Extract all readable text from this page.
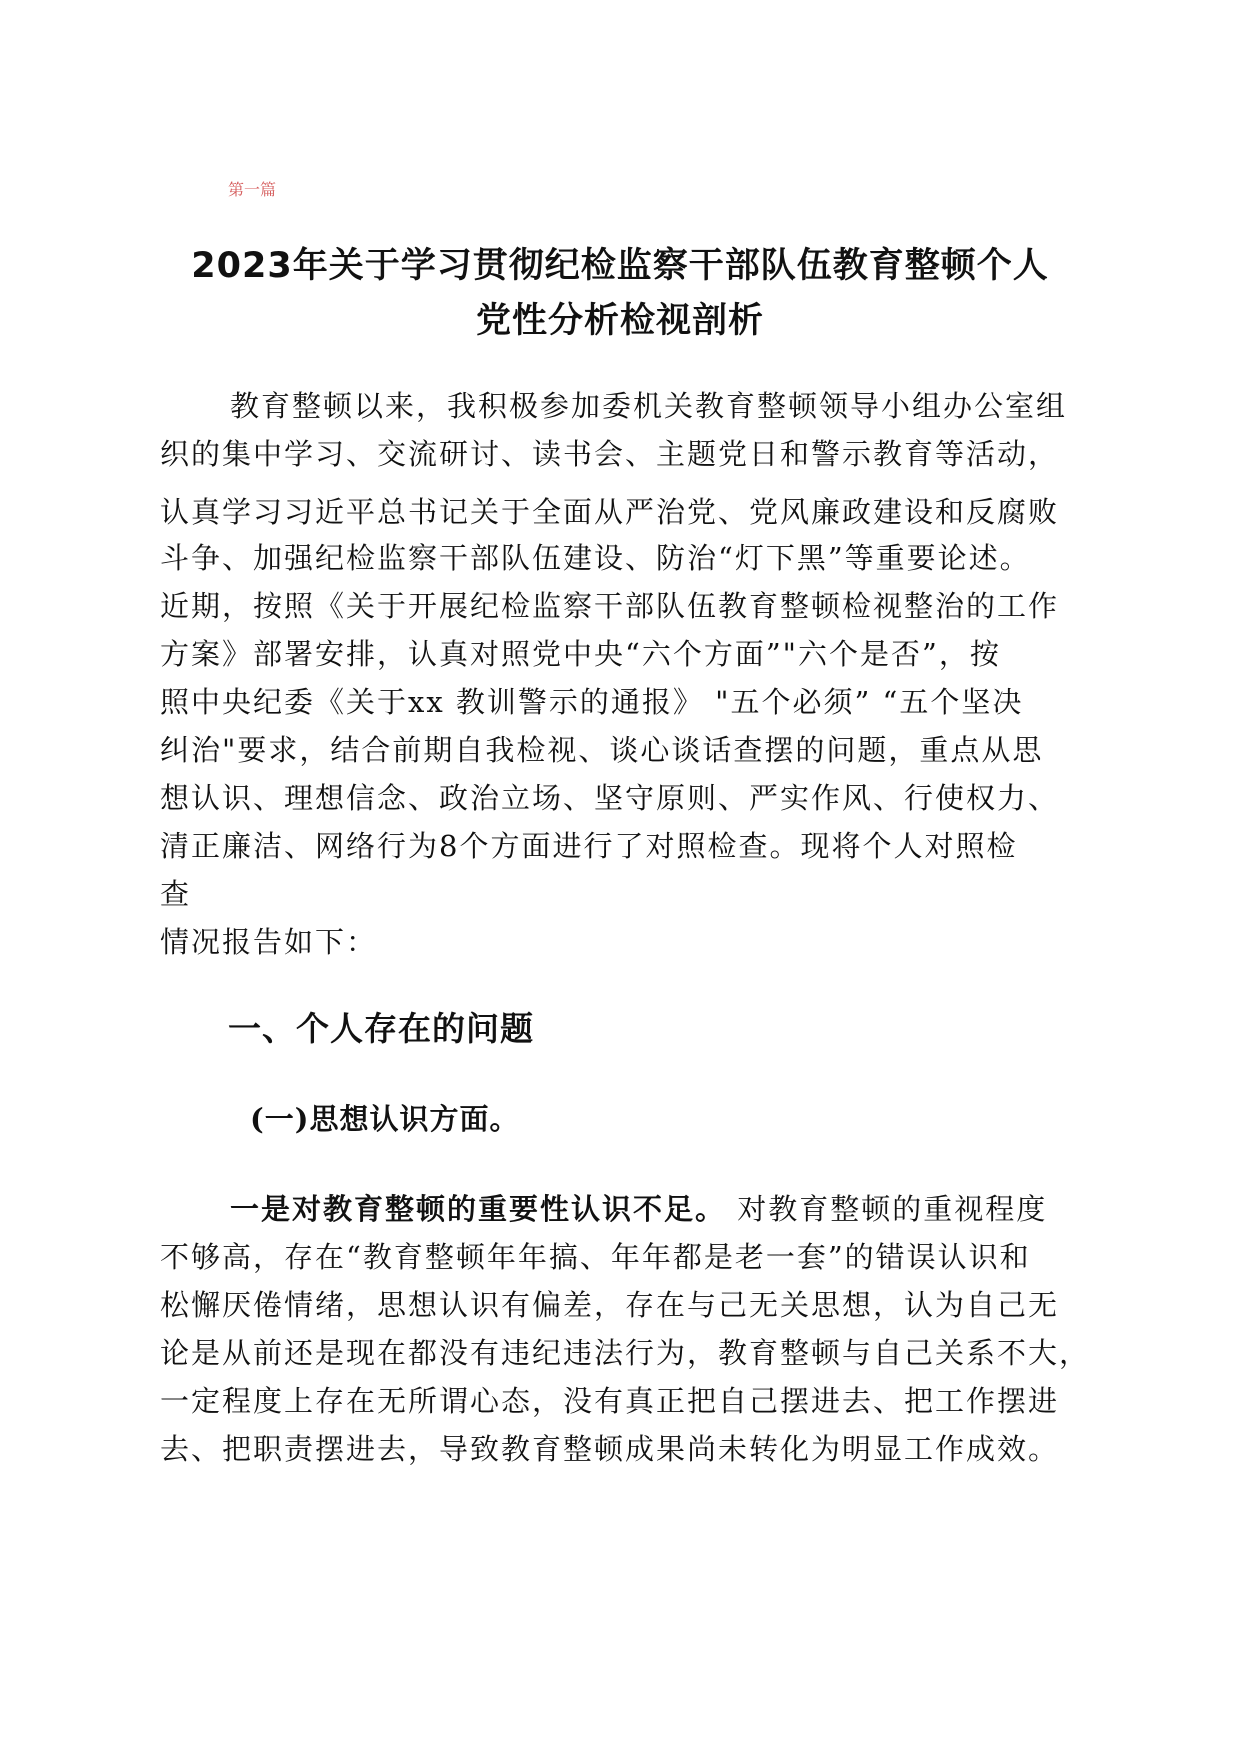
第一篇
2023年关于学习贯彻纪检监察干部队伍教育整顿个人
党性分析检视剖析
教育整顿以来，我积极参加委机关教育整顿领导小组办公室组
织的集中学习、交流研讨、读书会、主题党日和警示教育等活动，
认真学习习近平总书记关于全面从严治党、党风廉政建设和反腐败
斗争、加强纪检监察干部队伍建设、防治“灯下黑”等重要论述。
近期，按照《关于开展纪检监察干部队伍教育整顿检视整治的工作
方案》部署安排，认真对照党中央“六个方面”"六个是否”，按
照中央纪委《关于xx 教训警示的通报》 "五个必须” “五个坚决
纠治"要求，结合前期自我检视、谈心谈话查摆的问题，重点从思
想认识、理想信念、政治立场、坚守原则、严实作风、行使权力、
清正廉洁、网络行为8个方面进行了对照检查。现将个人对照检
查
情况报告如下：
一、个人存在的问题
(一)思想认识方面。
一是对教育整顿的重要性认识不足。 对教育整顿的重视程度
不够高，存在“教育整顿年年搞、年年都是老一套”的错误认识和
松懈厌倦情绪，思想认识有偏差，存在与己无关思想，认为自己无
论是从前还是现在都没有违纪违法行为，教育整顿与自己关系不大，
一定程度上存在无所谓心态，没有真正把自己摆进去、把工作摆进
去、把职责摆进去，导致教育整顿成果尚未转化为明显工作成效。
